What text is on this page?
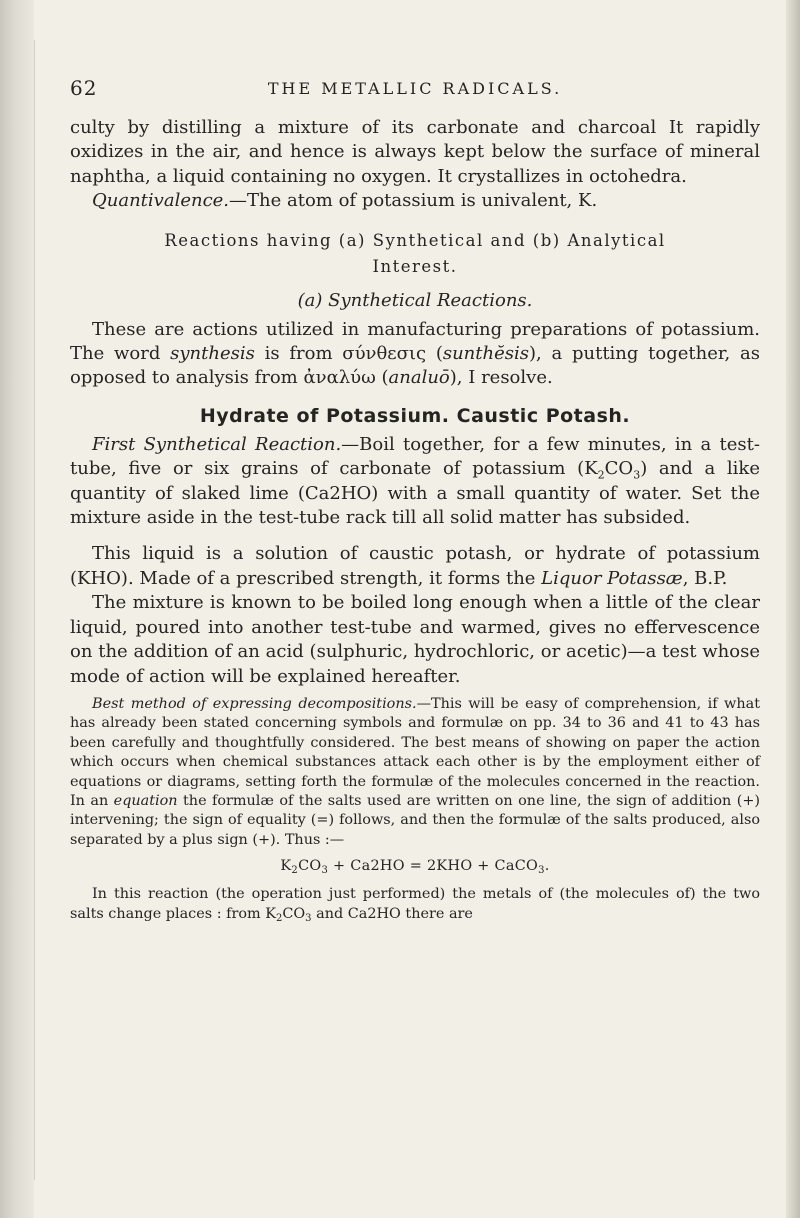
62	THE METALLIC RADICALS.

culty by distilling a mixture of its carbonate and charcoal It rapidly oxidizes in the air, and hence is always kept below the surface of mineral naphtha, a liquid containing no oxygen. It crystallizes in octohedra.

Quantivalence.—The atom of potassium is univalent, K.

Reactions having (a) Synthetical and (b) Analytical

Interest.

(a) Synthetical Reactions.

These are actions utilized in manufacturing preparations of potassium. The word synthesis is from σύνθεσις (sunthĕsis), a putting together, as opposed to analysis from ἀναλύω (analuō), I resolve.

Hydrate of Potassium. Caustic Potash.

First Synthetical Reaction.—Boil together, for a few minutes, in a test-tube, five or six grains of carbonate of potassium $(K_2CO_3)$ and a like quantity of slaked lime (Ca2HO) with a small quantity of water. Set the mixture aside in the test-tube rack till all solid matter has subsided.

This liquid is a solution of caustic potash, or hydrate of potassium (KHO). Made of a prescribed strength, it forms the Liquor Potassæ, B.P.

The mixture is known to be boiled long enough when a little of the clear liquid, poured into another test-tube and warmed, gives no effervescence on the addition of an acid (sulphuric, hydrochloric, or acetic)—a test whose mode of action will be explained hereafter.

Best method of expressing decompositions.—This will be easy of comprehension, if what has already been stated concerning symbols and formulæ on pp. 34 to 36 and 41 to 43 has been carefully and thoughtfully considered. The best means of showing on paper the action which occurs when chemical substances attack each other is by the employment either of equations or diagrams, setting forth the formulæ of the molecules concerned in the reaction. In an equation the formulæ of the salts used are written on one line, the sign of addition (+) intervening; the sign of equality (=) follows, and then the formulæ of the salts produced, also separated by a plus sign (+). Thus :—

$K_2CO_3 + Ca2HO = 2KHO$ + CaCO$_3$.

In this reaction (the operation just performed) the metals of (the molecules of) the two salts change places : from $K_2CO_3$ and Ca2HO there are
